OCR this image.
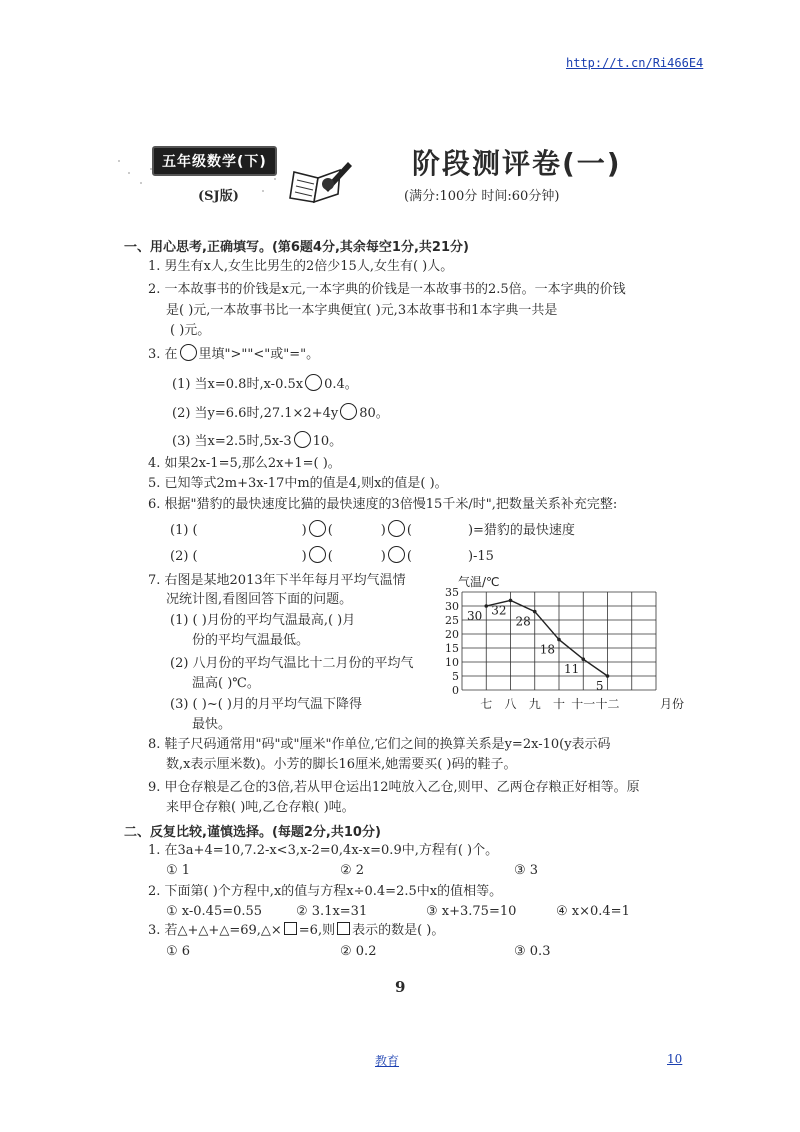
http://t.cn/Ri466E4
五年级数学(下)
(SJ版)
阶段测评卷(一)
(满分:100分 时间:60分钟)
一、用心思考,正确填写。(第6题4分,其余每空1分,共21分)
1. 男生有x人,女生比男生的2倍少15人,女生有( )人。
2. 一本故事书的价钱是x元,一本字典的价钱是一本故事书的2.5倍。一本字典的价钱
是( )元,一本故事书比一本字典便宜( )元,3本故事书和1本字典一共是
( )元。
3. 在 里填">""<"或"="。
(1) 当x=0.8时,x-0.5x 0.4。
(2) 当y=6.6时,27.1×2+4y 80。
(3) 当x=2.5时,5x-3 10。
4. 如果2x-1=5,那么2x+1=( )。
5. 已知等式2m+3x-17中m的值是4,则x的值是( )。
6. 根据"猎豹的最快速度比猫的最快速度的3倍慢15千米/时",把数量关系补充完整:
(1) (	) (	) (	)=猎豹的最快速度
(2) (	) (	) (	)-15
7. 右图是某地2013年下半年每月平均气温情
况统计图,看图回答下面的问题。
(1) ( )月份的平均气温最高,( )月
份的平均气温最低。
(2) 八月份的平均气温比十二月份的平均气
温高( )℃。
(3) ( )~( )月的月平均气温下降得
最快。
气温/℃
月份
0
5
10
15
20
25
30
35
七 八 九 十 十一 十二
30 32
28
18
11
5
8. 鞋子尺码通常用"码"或"厘米"作单位,它们之间的换算关系是y=2x-10(y表示码
数,x表示厘米数)。小芳的脚长16厘米,她需要买( )码的鞋子。
9. 甲仓存粮是乙仓的3倍,若从甲仓运出12吨放入乙仓,则甲、乙两仓存粮正好相等。原
来甲仓存粮( )吨,乙仓存粮( )吨。
二、反复比较,谨慎选择。(每题2分,共10分)
1. 在3a+4=10,7.2-x<3,x-2=0,4x-x=0.9中,方程有( )个。
① 1	② 2	③ 3
2. 下面第( )个方程中,x的值与方程x÷0.4=2.5中x的值相等。
① x-0.45=0.55	② 3.1x=31	③ x+3.75=10	④ x×0.4=1
3. 若△+△+△=69,△× =6,则 表示的数是( )。
① 6	② 0.2	③ 0.3
9
教育	10
